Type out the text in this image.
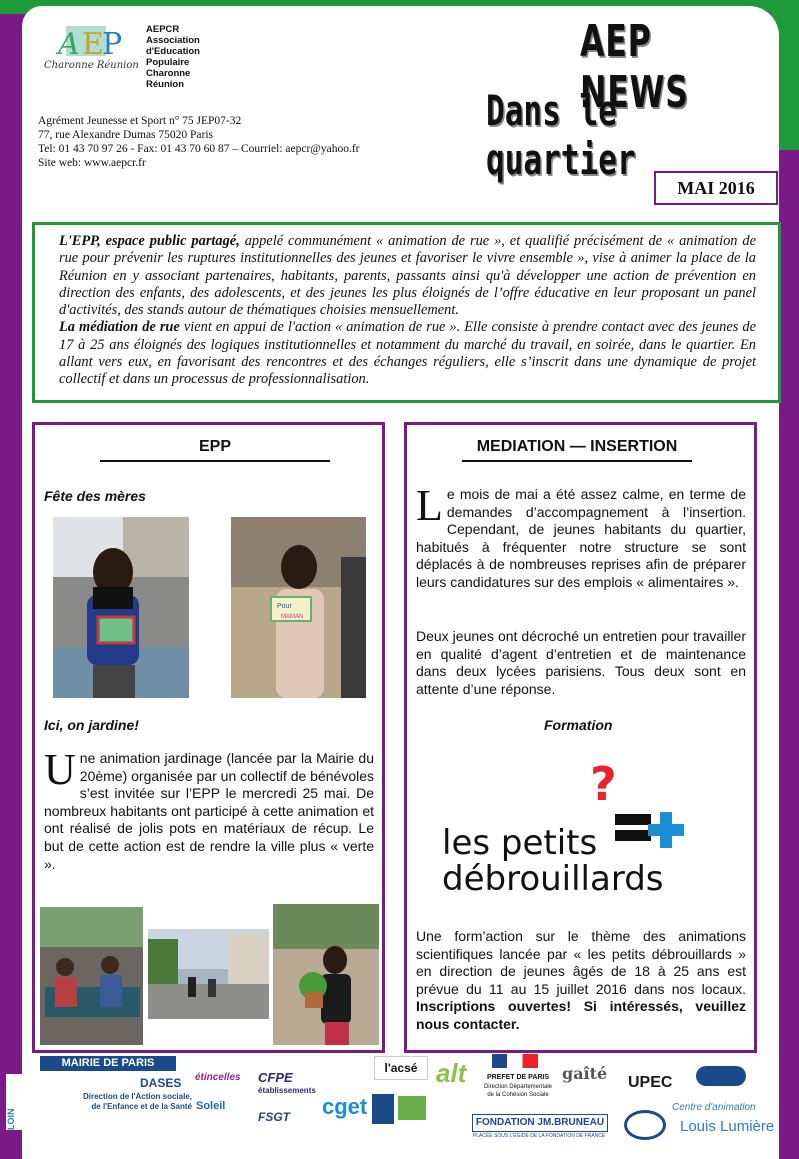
A E
P
Charonne Réunion
AEPCR
Association
d'Education
Populaire
Charonne
Réunion
Agrément Jeunesse et Sport n° 75 JEP07-32
77, rue Alexandre Dumas 75020 Paris
Tel: 01 43 70 97 26 - Fax: 01 43 70 60 87 – Courriel: aepcr@yahoo.fr
Site web: www.aepcr.fr
AEP NEWS
Dans le quartier
MAI 2016

L'EPP, espace public partagé, appelé communément « animation de rue », et qualifié précisément de « animation de rue pour prévenir les ruptures institutionnelles des jeunes et favoriser le vivre ensemble », vise à animer la place de la Réunion en y associant partenaires, habitants, parents, passants ainsi qu'à développer une action de prévention en direction des enfants, des adolescents, et des jeunes les plus éloignés de l’offre éducative en leur proposant un panel d'activités, des stands autour de thématiques choisies mensuellement.

La médiation de rue vient en appui de l'action « animation de rue ». Elle consiste à prendre contact avec des jeunes de 17 à 25 ans éloignés des logiques institutionnelles et notamment du marché du travail, en soirée, dans le quartier. En allant vers eux, en favorisant des rencontres et des échanges réguliers, elle s’inscrit dans une dynamique de projet collectif et dans un processus de professionnalisation.

EPP
Fête des mères
Pour
MAMAN
Ici, on jardine!
Une animation jardinage (lancée par la Mairie du 20ème) organisée par un collectif de bénévoles s’est invitée sur l’EPP le mercredi 25 mai. De nombreux habitants ont participé à cette animation et ont réalisé de jolis pots en matériaux de récup. Le but de cette action est de rendre la ville plus « verte ».
MEDIATION — INSERTION
Le mois de mai a été assez calme, en terme de demandes d’accompagnement à l’insertion. Cependant, de jeunes habitants du quartier, habitués à fréquenter notre structure se sont déplacés à de nombreuses reprises afin de préparer leurs candidatures sur des emplois « alimentaires ».
Deux jeunes ont décroché un entretien pour travailler en qualité d’agent d’entretien et de maintenance dans deux lycées parisiens. Tous deux sont en attente d’une réponse.
Formation
?
les petits
débrouillards
Une form’action sur le thème des animations scientifiques lancée par « les petits débrouillards » en direction de jeunes âgés de 18 à 25 ans est prévue du 11 au 15 juillet 2016 dans nos locaux. Inscriptions ouvertes! Si intéressés, veuillez nous contacter.
LOIN
MAIRIE DE PARIS
DASES
Direction de l'Action sociale,
de l'Enfance et de la Santé
étincelles
Soleil
CFPE
établissements
FSGT cget
l'acsé alt	PREFET DE PARIS
Direction Départementale
de la Cohésion Sociale
FONDATION JM.BRUNEAU
PLACÉE SOUS L'ÉGIDE DE LA FONDATION DE FRANCE
gaîté UPEC
Centre d'animation
Louis Lumière
